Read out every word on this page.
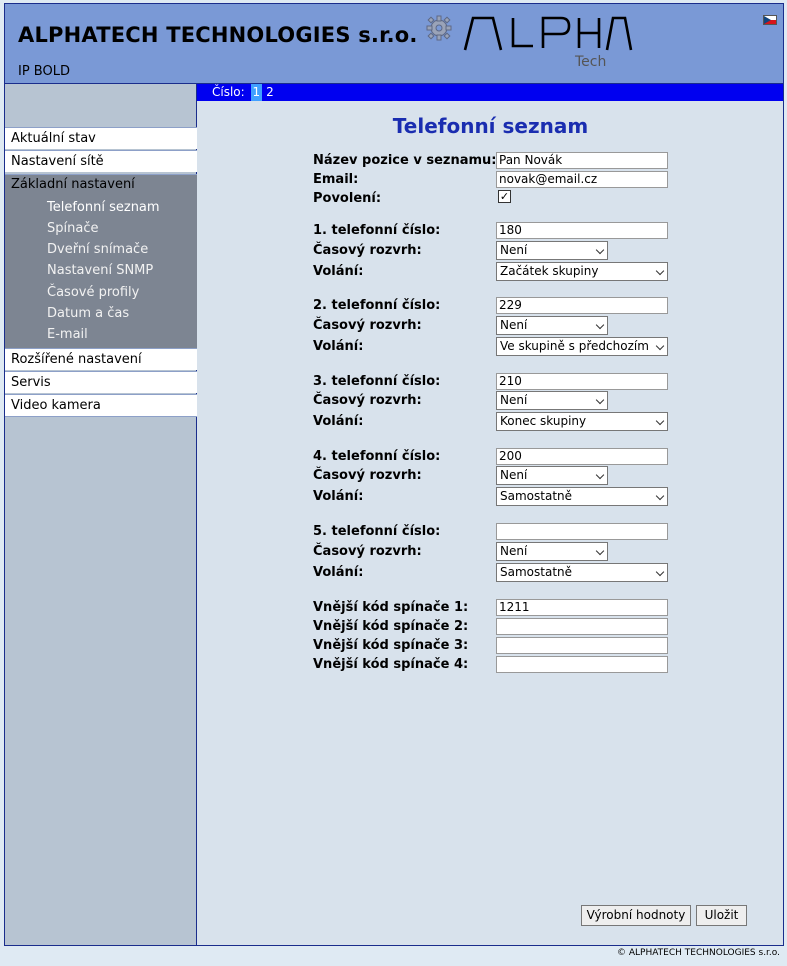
ALPHATECH TECHNOLOGIES s.r.o.
IP BOLD
Tech
Aktuální stav
Nastavení sítě
Základní nastavení
Telefonní seznam
Spínače
Dveřní snímače
Nastavení SNMP
Časové profily
Datum a čas
E-mail
Rozšířené nastavení
Servis
Video kamera
Číslo: 1 2
Telefonní seznam
Název pozice v seznamu: Pan Novák
Email:	novak@email.cz
Povolení:	✓
1. telefonní číslo:	180
Časový rozvrh:	Není
Volání:	Začátek skupiny
2. telefonní číslo:	229
Časový rozvrh:	Není
Volání:	Ve skupině s předchozím
3. telefonní číslo:	210
Časový rozvrh:	Není
Volání:	Konec skupiny
4. telefonní číslo:	200
Časový rozvrh:	Není
Volání:	Samostatně
5. telefonní číslo:
Časový rozvrh:	Není
Volání:	Samostatně
Vnější kód spínače 1:	1211
Vnější kód spínače 2:
Vnější kód spínače 3:
Vnější kód spínače 4:
Výrobní hodnoty	Uložit
© ALPHATECH TECHNOLOGIES s.r.o.
